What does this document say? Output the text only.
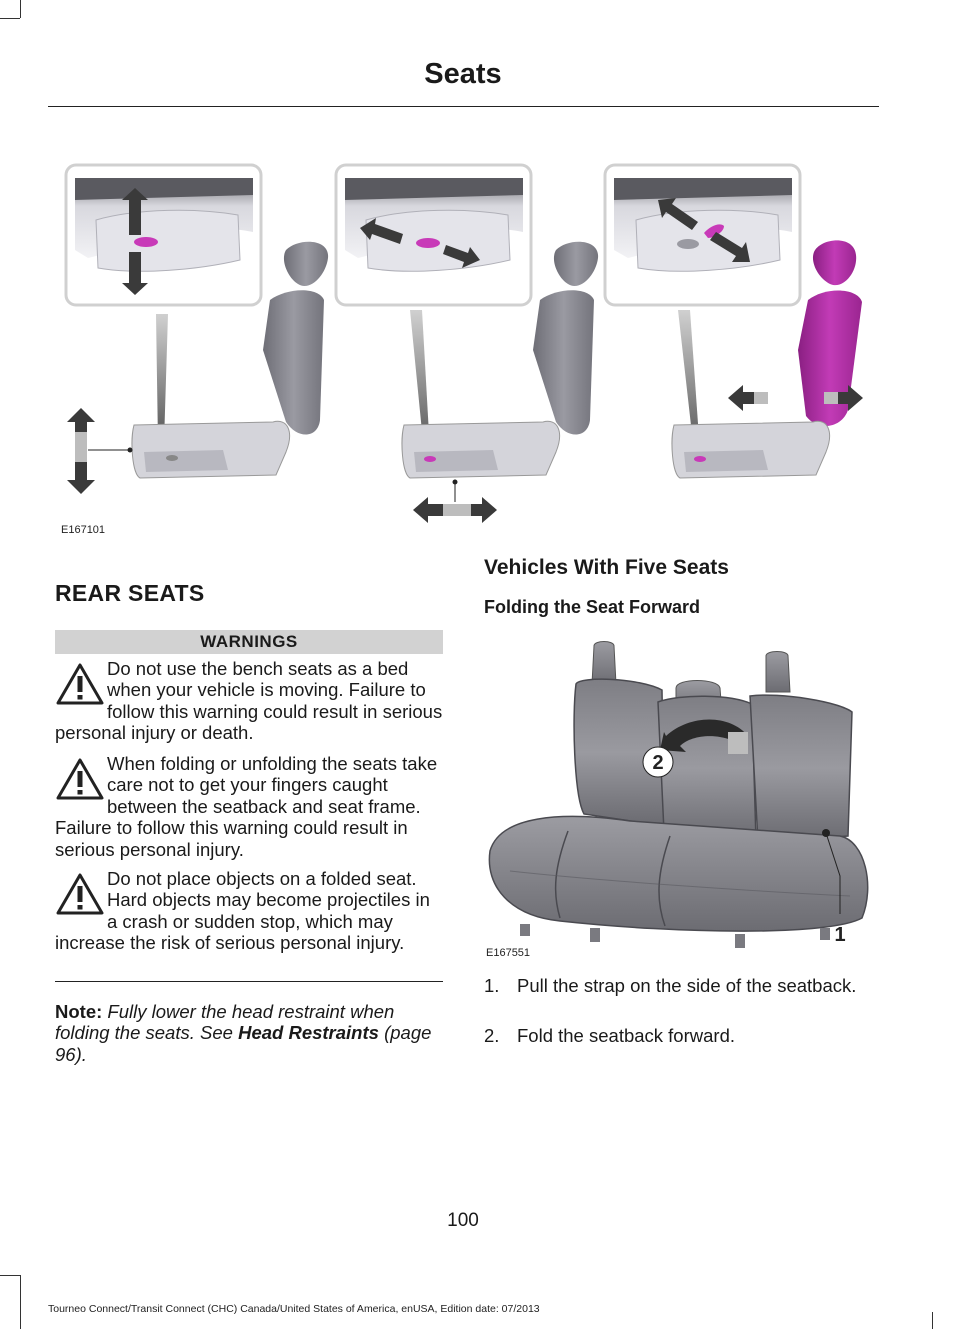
Seats
E167101
REAR SEATS
WARNINGS
Do not use the bench seats as a bed when your vehicle is moving. Failure to follow this warning could result in serious personal injury or death.
When folding or unfolding the seats take care not to get your fingers caught between the seatback and seat frame. Failure to follow this warning could result in serious personal injury.
Do not place objects on a folded seat. Hard objects may become projectiles in a crash or sudden stop, which may increase the risk of serious personal injury.
Note: Fully lower the head restraint when folding the seats. See Head Restraints (page 96).
Vehicles With Five Seats
Folding the Seat Forward
2
1
E167551
1. Pull the strap on the side of the seatback.
2. Fold the seatback forward.
100
Tourneo Connect/Transit Connect (CHC) Canada/United States of America, enUSA, Edition date: 07/2013
